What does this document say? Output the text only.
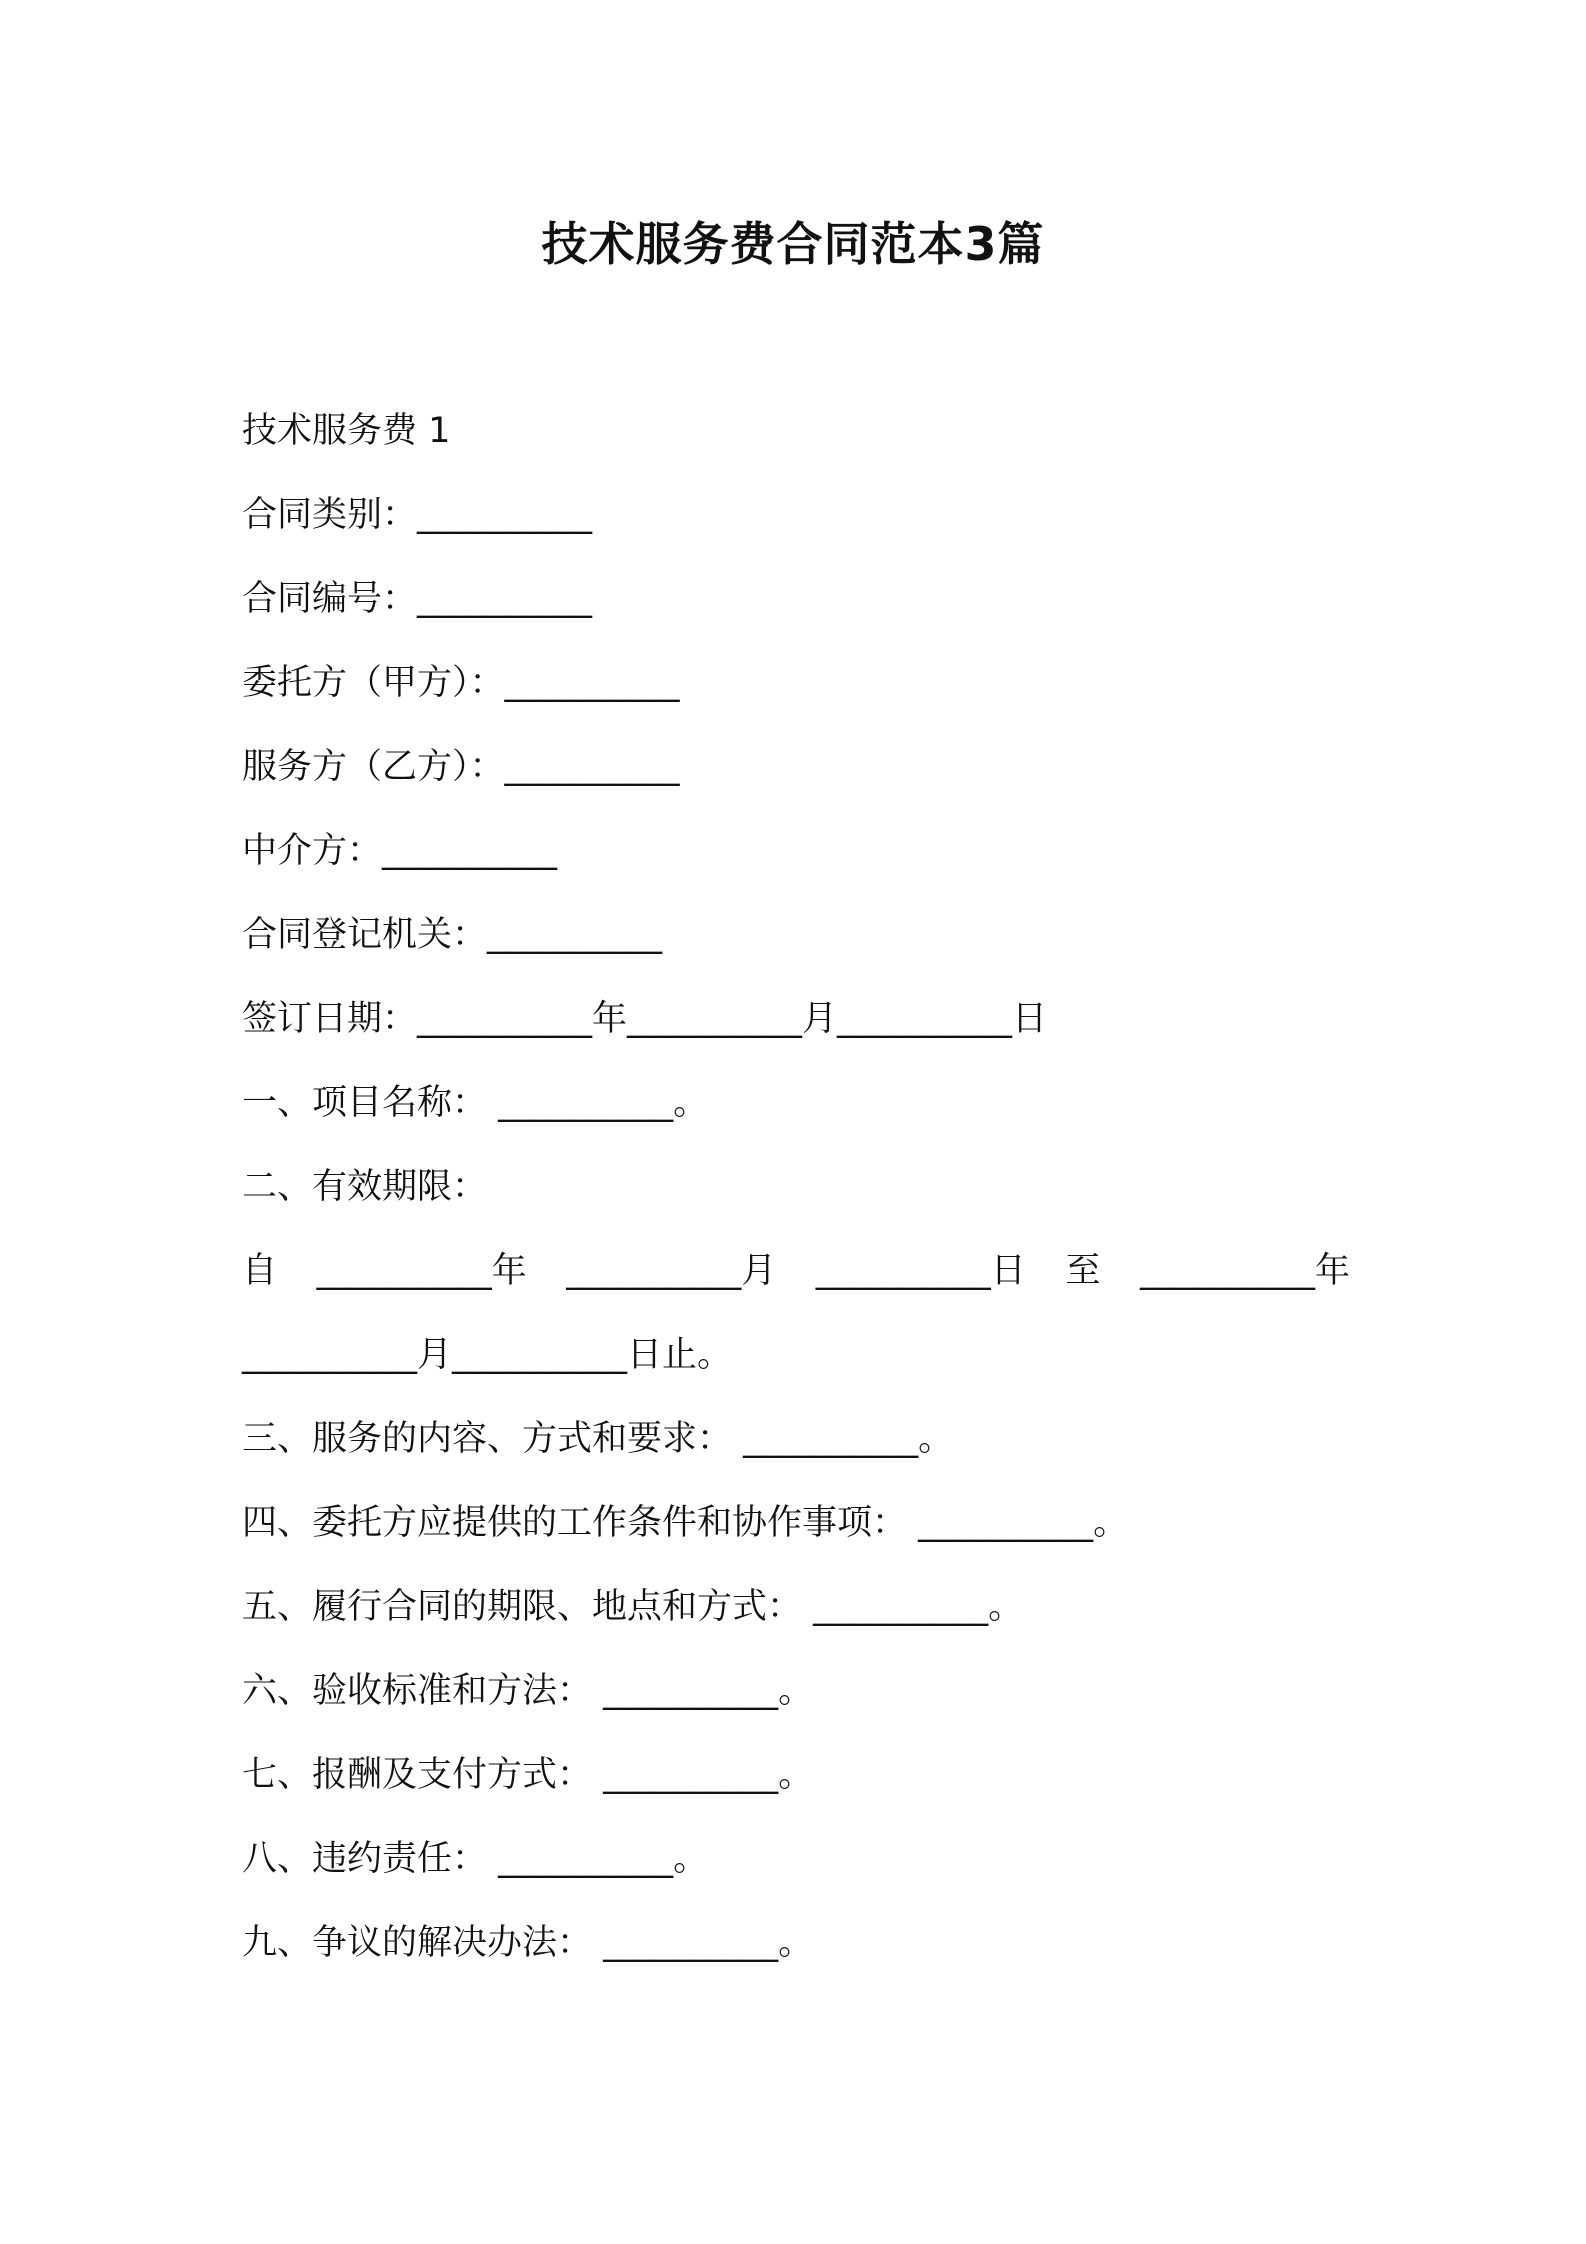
技术服务费合同范本3篇

技术服务费 1

合同类别：__________

合同编号：__________

委托方（甲方）：__________

服务方（乙方）：__________

中介方：__________

合同登记机关：__________

签订日期：__________年__________月__________日

一、项目名称： __________。

二、有效期限：

自 __________年 __________月 __________日 至 __________年

__________月__________日止。

三、服务的内容、方式和要求： __________。

四、委托方应提供的工作条件和协作事项： __________。

五、履行合同的期限、地点和方式： __________。

六、验收标准和方法： __________。

七、报酬及支付方式： __________。

八、违约责任： __________。

九、争议的解决办法： __________。
